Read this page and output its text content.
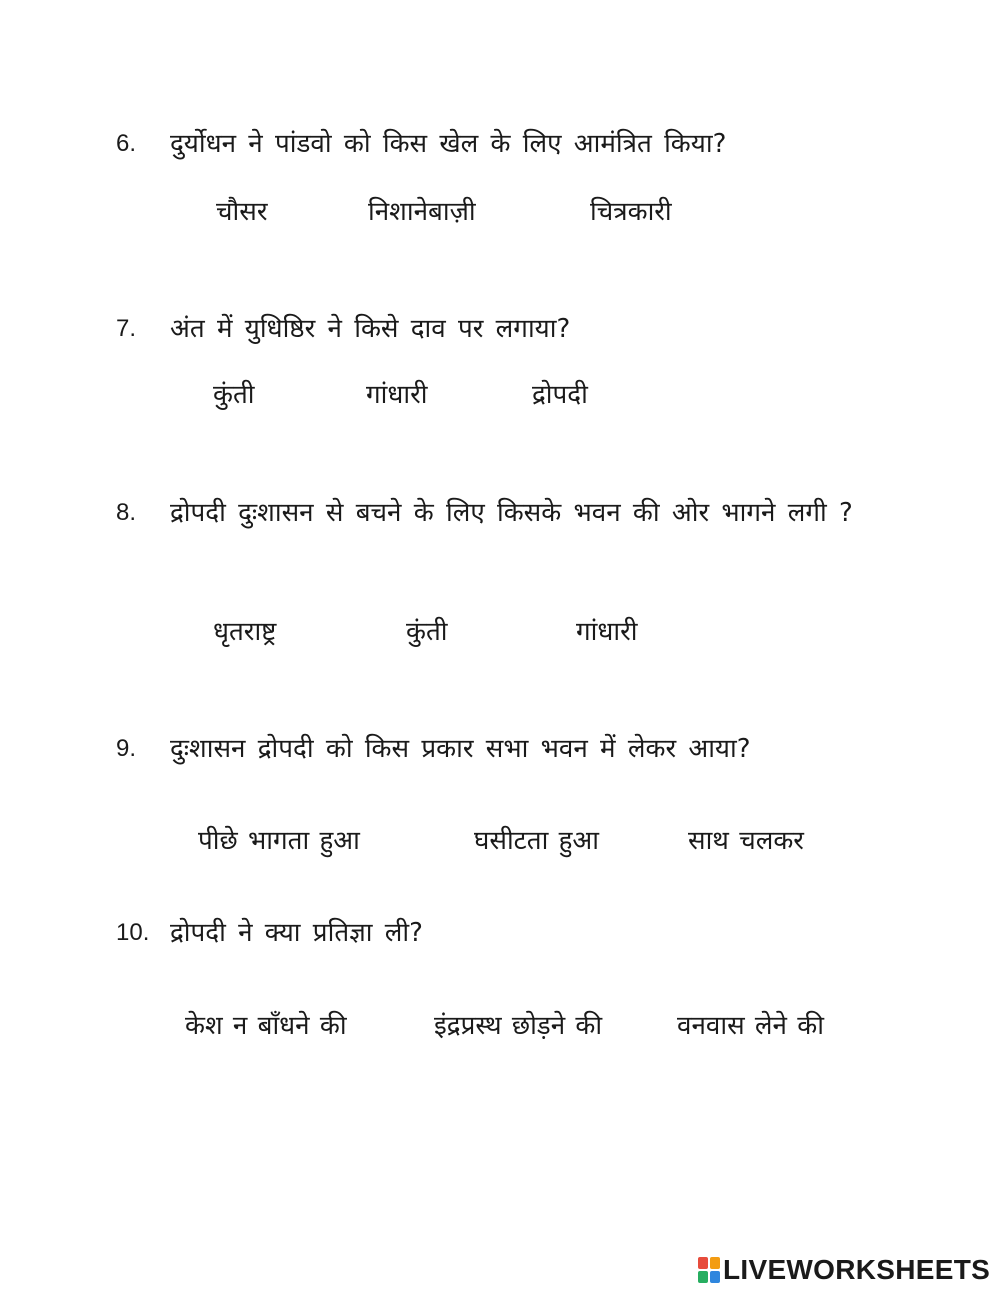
6. दुर्योधन ने पांडवो को किस खेल के लिए आमंत्रित किया?
चौसर	निशानेबाज़ी	चित्रकारी
7. अंत में युधिष्ठिर ने किसे दाव पर लगाया?
कुंती	गांधारी	द्रोपदी
8. द्रोपदी दुःशासन से बचने के लिए किसके भवन की ओर भागने लगी ?
धृतराष्ट्र	कुंती	गांधारी
9. दुःशासन द्रोपदी को किस प्रकार सभा भवन में लेकर आया?
पीछे भागता हुआ	घसीटता हुआ	साथ चलकर
10. द्रोपदी ने क्या प्रतिज्ञा ली?
केश न बाँधने की	इंद्रप्रस्थ छोड़ने की	वनवास लेने की
LIVEWORKSHEETS
